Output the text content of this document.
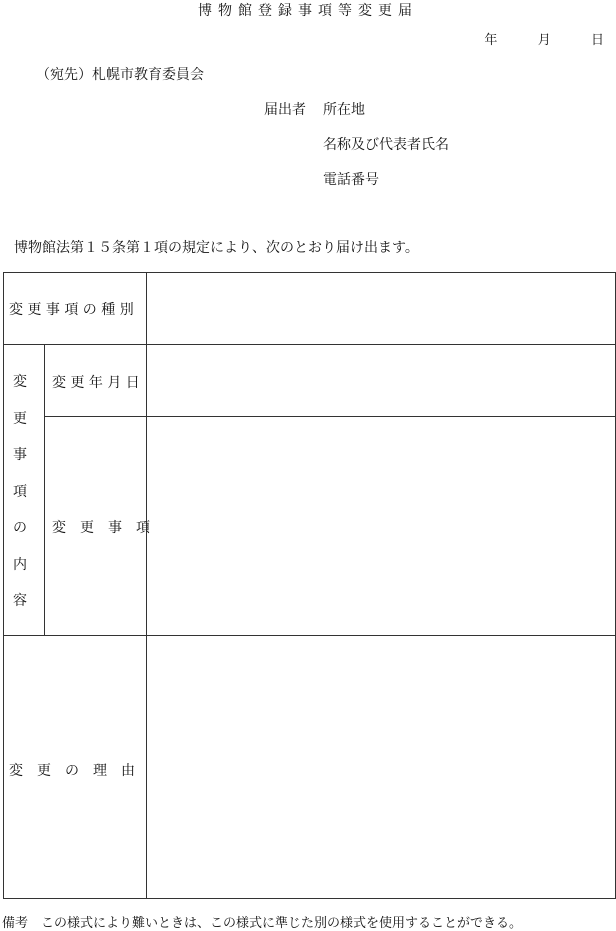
博物館登録事項等変更届
年	月	日
（宛先）札幌市教育委員会
届出者 所在地
名称及び代表者氏名
電話番号
博物館法第１５条第１項の規定により、次のとおり届け出ます。
変 更 事 項 の 種 別
変
更
事
項
の
内
容
変 更 年 月 日
変　更　事　項
変　更　の　理　由
備考　この様式により難いときは、この様式に準じた別の様式を使用することができる。
